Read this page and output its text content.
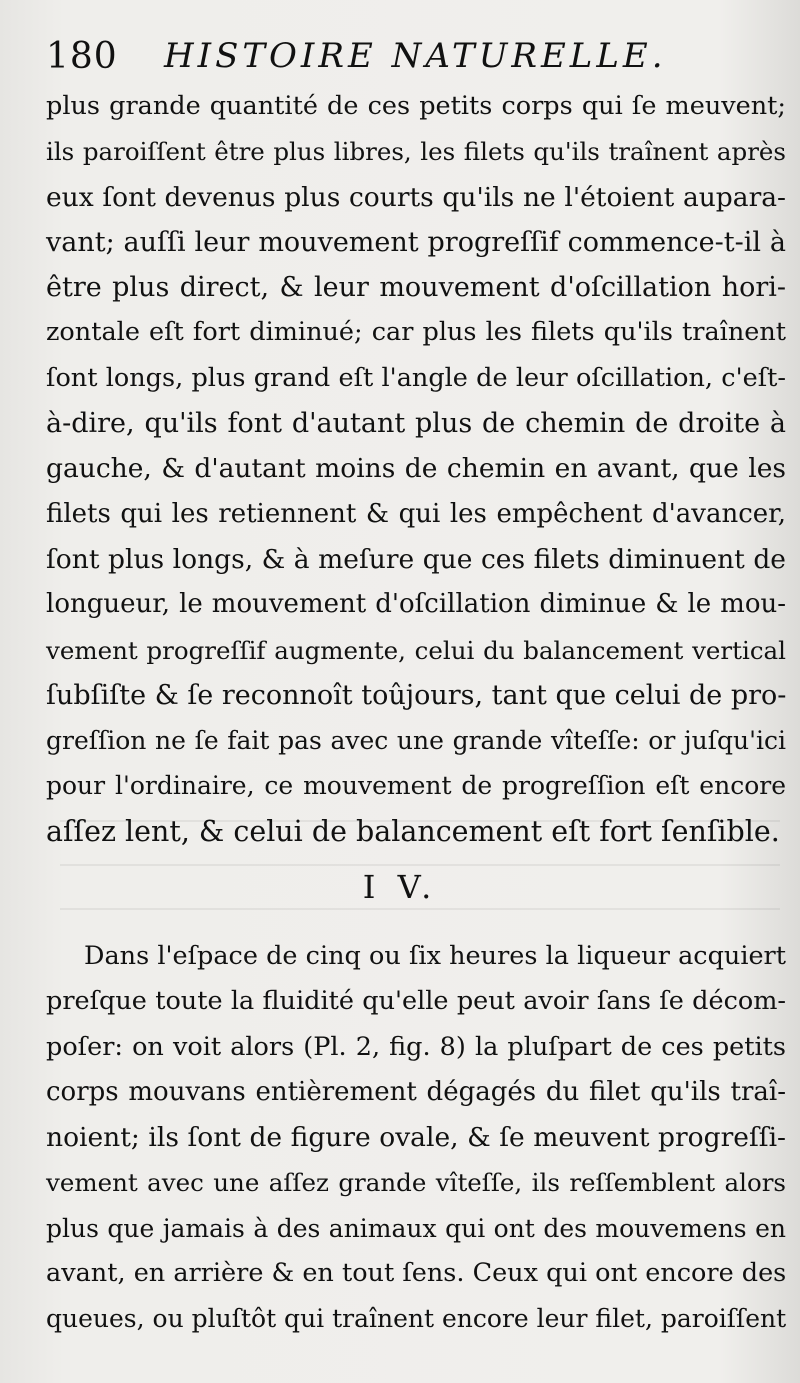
180 HISTOIRE NATURELLE.
plus grande quantité de ces petits corps qui ſe meuvent;
ils paroiſſent être plus libres, les filets qu'ils traînent après
eux ſont devenus plus courts qu'ils ne l'étoient aupara-
vant; auſſi leur mouvement progreſſif commence-t-il à
être plus direct, & leur mouvement d'oſcillation hori-
zontale eſt fort diminué; car plus les filets qu'ils traînent
ſont longs, plus grand eſt l'angle de leur oſcillation, c'eſt-
à-dire, qu'ils font d'autant plus de chemin de droite à
gauche, & d'autant moins de chemin en avant, que les
filets qui les retiennent & qui les empêchent d'avancer,
ſont plus longs, & à meſure que ces filets diminuent de
longueur, le mouvement d'oſcillation diminue & le mou-
vement progreſſif augmente, celui du balancement vertical
ſubſiſte & ſe reconnoît toûjours, tant que celui de pro-
greſſion ne ſe fait pas avec une grande vîteſſe: or juſqu'ici
pour l'ordinaire, ce mouvement de progreſſion eſt encore
aſſez lent, & celui de balancement eſt fort ſenſible.
I V.
Dans l'eſpace de cinq ou ſix heures la liqueur acquiert
preſque toute la fluidité qu'elle peut avoir ſans ſe décom-
poſer: on voit alors (Pl. 2, fig. 8) la pluſpart de ces petits
corps mouvans entièrement dégagés du filet qu'ils traî-
noient; ils ſont de figure ovale, & ſe meuvent progreſſi-
vement avec une aſſez grande vîteſſe, ils reſſemblent alors
plus que jamais à des animaux qui ont des mouvemens en
avant, en arrière & en tout ſens. Ceux qui ont encore des
queues, ou pluſtôt qui traînent encore leur filet, paroiſſent
